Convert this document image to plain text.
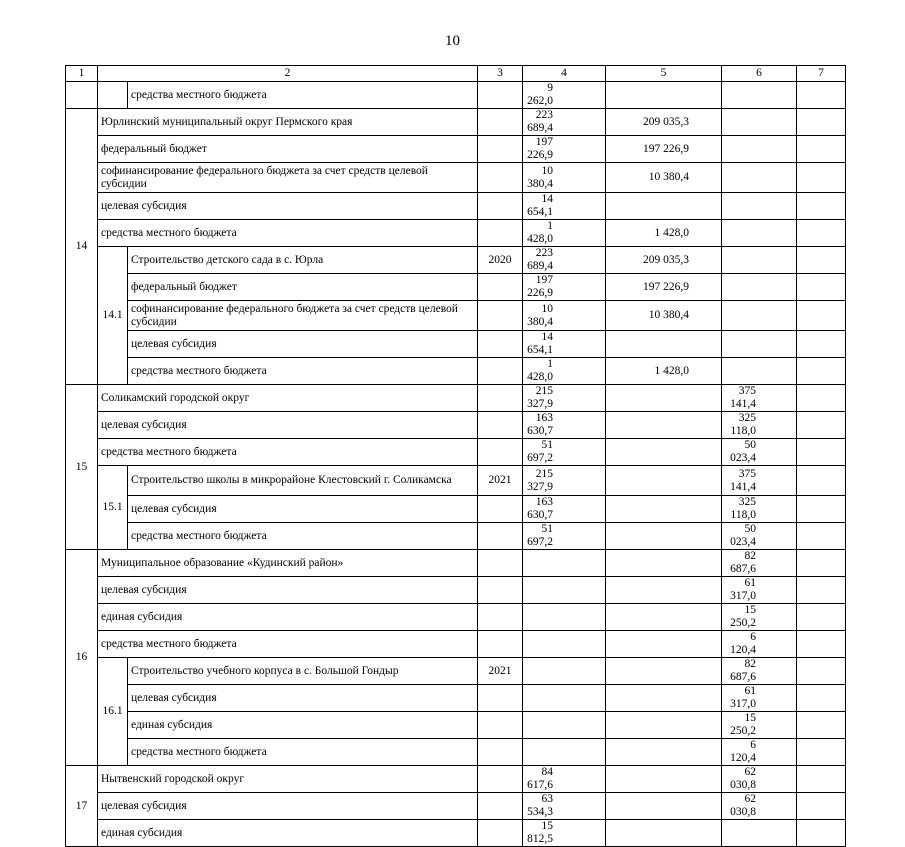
10
1	2		3	4	5	6	7
		средства местного бюджета		9 262,0			
14	Юрлинский муниципальный округ Пермского края			223 689,4	209 035,3		
	федеральный бюджет			197 226,9	197 226,9		
	софинансирование федерального бюджета за счет средств целевой субсидии			10 380,4	10 380,4		
	целевая субсидия			14 654,1			
	средства местного бюджета			1 428,0	1 428,0		
	14.1	Строительство детского сада в с. Юрла	2020	223 689,4	209 035,3		
		федеральный бюджет		197 226,9	197 226,9		
		софинансирование федерального бюджета за счет средств целевой субсидии		10 380,4	10 380,4		
		целевая субсидия		14 654,1			
		средства местного бюджета		1 428,0	1 428,0		
15	Соликамский городской округ			215 327,9		375 141,4	
	целевая субсидия			163 630,7		325 118,0	
	средства местного бюджета			51 697,2		50 023,4	
	15.1	Строительство школы в микрорайоне Клестовский г. Соликамска	2021	215 327,9		375 141,4	
		целевая субсидия		163 630,7		325 118,0	
		средства местного бюджета		51 697,2		50 023,4	
16	Муниципальное образование «Кудинский район»					82 687,6	
	целевая субсидия					61 317,0	
	единая субсидия					15 250,2	
	средства местного бюджета					6 120,4	
	16.1	Строительство учебного корпуса в с. Большой Гондыр	2021			82 687,6	
		целевая субсидия				61 317,0	
		единая субсидия				15 250,2	
		средства местного бюджета				6 120,4	
17	Нытвенский городской округ			84 617,6		62 030,8	
	целевая субсидия			63 534,3		62 030,8	
	единая субсидия			15 812,5			
